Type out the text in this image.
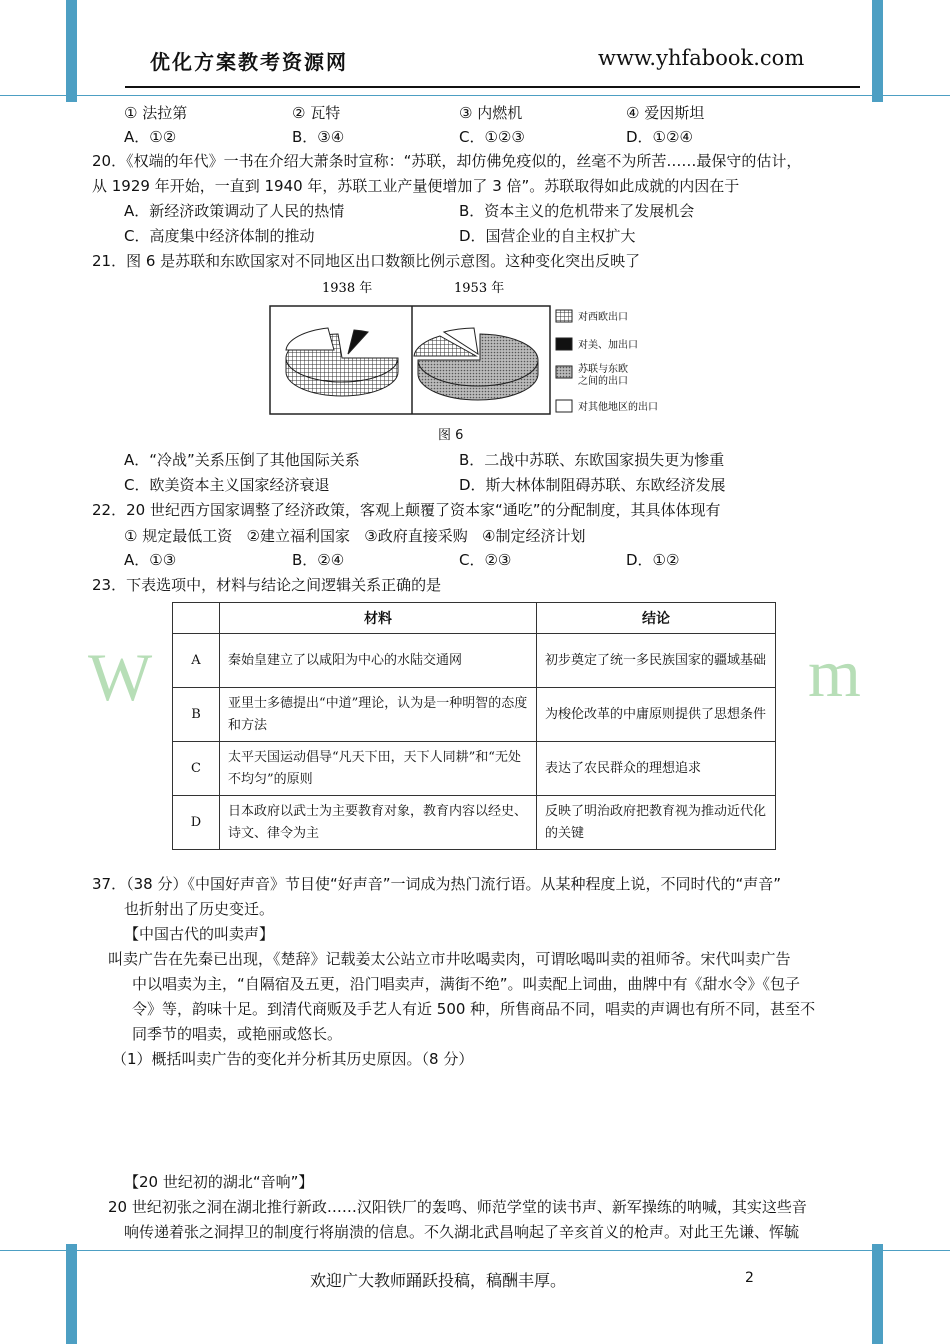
优化方案教考资源网	www.yhfabook.com
W	m
① 法拉第	② 瓦特	③ 内燃机	④ 爱因斯坦
A．①②	B．③④	C．①②③	D．①②④
20．《权端的年代》一书在介绍大萧条时宣称：“苏联，却仿佛免疫似的，丝毫不为所苦……最保守的估计，
从 1929 年开始，一直到 1940 年，苏联工业产量便增加了 3 倍”。苏联取得如此成就的内因在于
A．新经济政策调动了人民的热情	B．资本主义的危机带来了发展机会
C．高度集中经济体制的推动	D．国营企业的自主权扩大
21．图 6 是苏联和东欧国家对不同地区出口数额比例示意图。这种变化突出反映了
1938 年	1953 年
对西欧出口
对美、加出口
苏联与东欧
之间的出口
对其他地区的出口
图 6
A．“冷战”关系压倒了其他国际关系	B．二战中苏联、东欧国家损失更为惨重
C．欧美资本主义国家经济衰退	D．斯大林体制阻碍苏联、东欧经济发展
22．20 世纪西方国家调整了经济政策，客观上颠覆了资本家“通吃”的分配制度，其具体体现有
① 规定最低工资   ②建立福利国家   ③政府直接采购   ④制定经济计划
A．①③	B．②④	C．②③	D．①②
23．下表选项中，材料与结论之间逻辑关系正确的是
	材料	结论
A	秦始皇建立了以咸阳为中心的水陆交通网	初步奠定了统一多民族国家的疆域基础
B	亚里士多德提出“中道”理论，认为是一种明智的态度和方法	为梭伦改革的中庸原则提供了思想条件
C	太平天国运动倡导“凡天下田，天下人同耕”和“无处不均匀”的原则	表达了农民群众的理想追求
D	日本政府以武士为主要教育对象，教育内容以经史、诗文、律令为主	反映了明治政府把教育视为推动近代化的关键
37．（38 分）《中国好声音》节目使“好声音”一词成为热门流行语。从某种程度上说，不同时代的“声音”
也折射出了历史变迁。
【中国古代的叫卖声】
叫卖广告在先秦已出现，《楚辞》记载姜太公站立市井吆喝卖肉，可谓吆喝叫卖的祖师爷。宋代叫卖广告
中以唱卖为主，“自隔宿及五更，沿门唱卖声，满街不绝”。叫卖配上词曲，曲牌中有《甜水令》《包子
令》等，韵味十足。到清代商贩及手艺人有近 500 种，所售商品不同，唱卖的声调也有所不同，甚至不
同季节的唱卖，或艳丽或悠长。
（1）概括叫卖广告的变化并分析其历史原因。（8 分）
【20 世纪初的湖北“音响”】
20 世纪初张之洞在湖北推行新政……汉阳铁厂的轰鸣、师范学堂的读书声、新军操练的呐喊，其实这些音
响传递着张之洞捍卫的制度行将崩溃的信息。不久湖北武昌响起了辛亥首义的枪声。对此王先谦、恽毓
欢迎广大教师踊跃投稿，稿酬丰厚。	2
